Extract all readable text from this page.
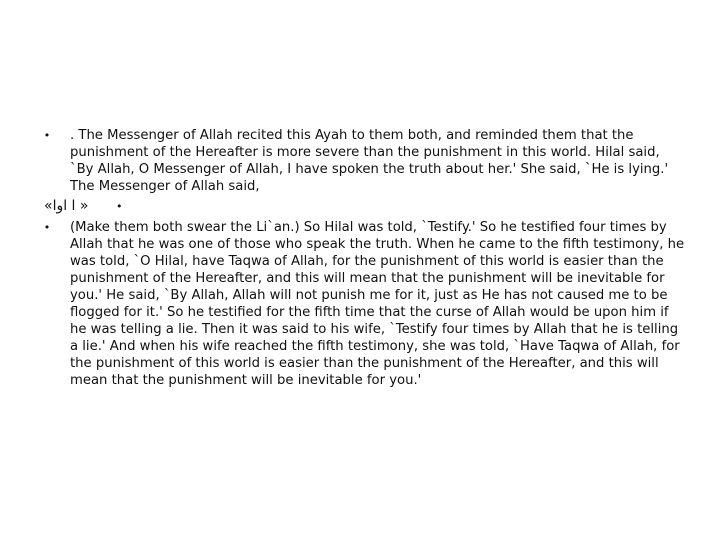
• . The Messenger of Allah recited this Ayah to them both, and reminded them that the punishment of the Hereafter is more severe than the punishment in this world. Hilal said, `By Allah, O Messenger of Allah, I have spoken the truth about her.' She said, `He is lying.' The Messenger of Allah said,
«اوا ا »	•
• (Make them both swear the Li`an.) So Hilal was told, `Testify.' So he testified four times by Allah that he was one of those who speak the truth. When he came to the fifth testimony, he was told, `O Hilal, have Taqwa of Allah, for the punishment of this world is easier than the punishment of the Hereafter, and this will mean that the punishment will be inevitable for you.' He said, `By Allah, Allah will not punish me for it, just as He has not caused me to be flogged for it.' So he testified for the fifth time that the curse of Allah would be upon him if he was telling a lie. Then it was said to his wife, `Testify four times by Allah that he is telling a lie.' And when his wife reached the fifth testimony, she was told, `Have Taqwa of Allah, for the punishment of this world is easier than the punishment of the Hereafter, and this will mean that the punishment will be inevitable for you.'
